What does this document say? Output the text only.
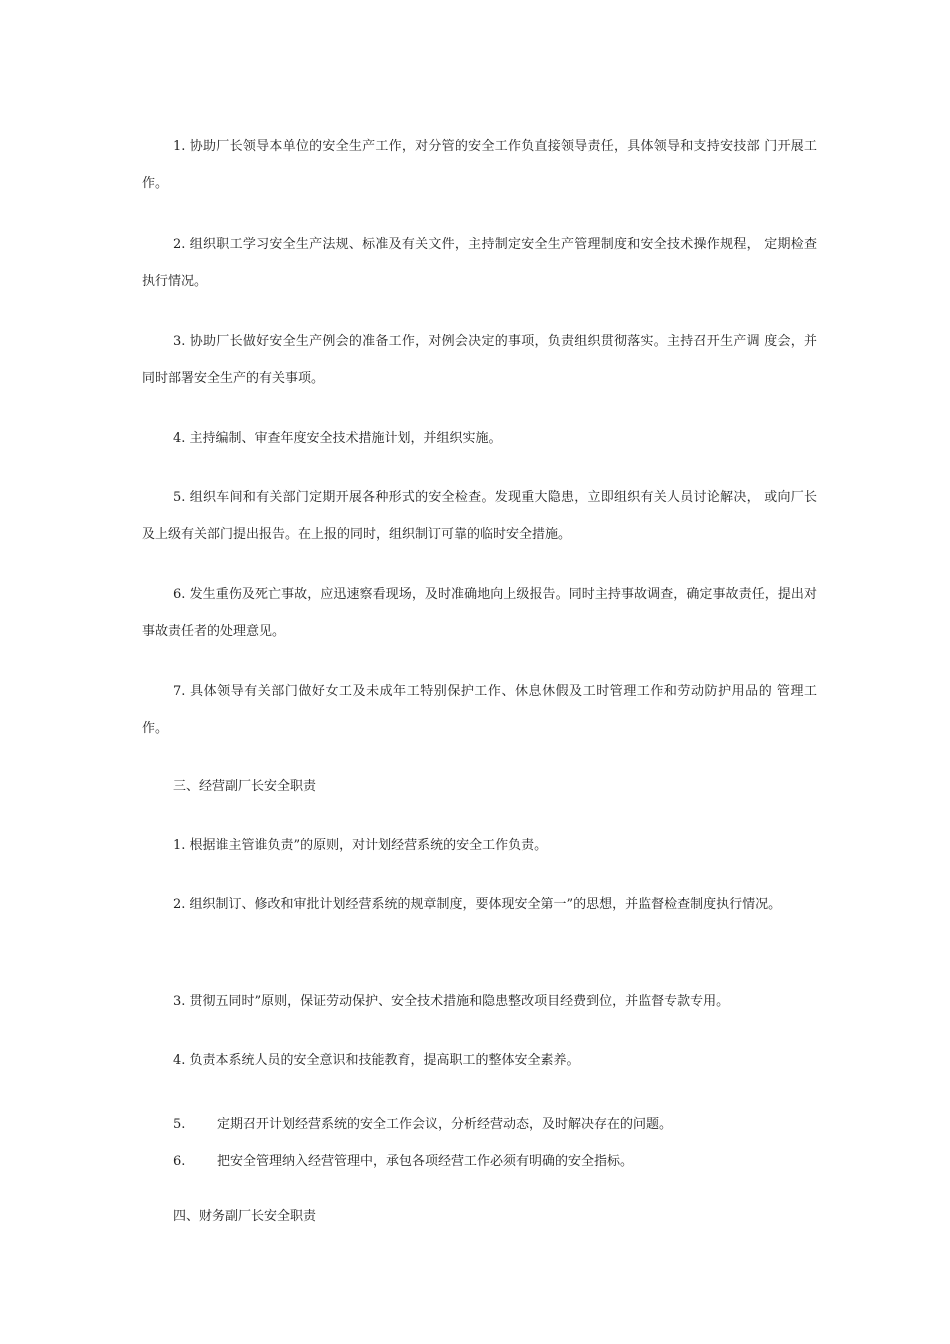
1. 协助厂长领导本单位的安全生产工作，对分管的安全工作负直接领导责任，具体领导和支持安技部 门开展工作。

2. 组织职工学习安全生产法规、标准及有关文件，主持制定安全生产管理制度和安全技术操作规程， 定期检查执行情况。

3. 协助厂长做好安全生产例会的准备工作，对例会决定的事项，负责组织贯彻落实。主持召开生产调 度会，并同时部署安全生产的有关事项。

4. 主持编制、审查年度安全技术措施计划，并组织实施。

5. 组织车间和有关部门定期开展各种形式的安全检查。发现重大隐患，立即组织有关人员讨论解决， 或向厂长及上级有关部门提出报告。在上报的同时，组织制订可靠的临时安全措施。

6. 发生重伤及死亡事故，应迅速察看现场，及时准确地向上级报告。同时主持事故调查，确定事故责任，提出对事故责任者的处理意见。

7. 具体领导有关部门做好女工及未成年工特别保护工作、休息休假及工时管理工作和劳动防护用品的 管理工作。

三、经营副厂长安全职责

1. 根据谁主管谁负责”的原则，对计划经营系统的安全工作负责。

2. 组织制订、修改和审批计划经营系统的规章制度，要体现安全第一”的思想，并监督检查制度执行情况。

3. 贯彻五同时”原则，保证劳动保护、安全技术措施和隐患整改项目经费到位，并监督专款专用。

4. 负责本系统人员的安全意识和技能教育，提高职工的整体安全素养。

5. 定期召开计划经营系统的安全工作会议，分析经营动态，及时解决存在的问题。

6. 把安全管理纳入经营管理中，承包各项经营工作必须有明确的安全指标。

四、财务副厂长安全职责
